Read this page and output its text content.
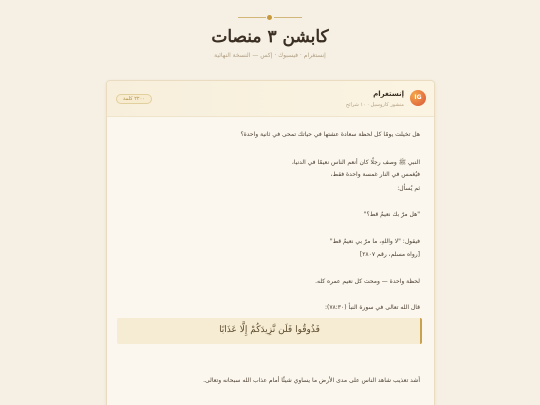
كابشن ٣ منصات
إنستغرام · فيسبوك · إكس — النسخة النهائية
IG
إنستغرام
منشور كاروسيل · ١٠ شرائح
٢٢٠٠ كلمة
هل تخيلت يومًا كل لحظة سعادة عشتها في حياتك تمحى في ثانية واحدة؟
النبي ﷺ وصف رجلًا كان أنعم الناس نعيمًا في الدنيا،
فيُغمس في النار غمسة واحدة فقط،
ثم يُسأل:
"هل مرّ بك نعيمٌ قط؟"
فيقول: "لا واللهِ، ما مرّ بي نعيمٌ قط"
[رواه مسلم، رقم ٢٨٠٧]
لحظة واحدة — ومحت كل نعيم عمره كله.
قال الله تعالى في سورة النبأ (٧٨:٣٠):
فَذُوقُوا فَلَن نَّزِيدَكُمْ إِلَّا عَذَابًا
أشد تعذيب شاهد الناس على مدى الأرض ما يساوي شيئًا أمام عذاب الله سبحانه وتعالى.
